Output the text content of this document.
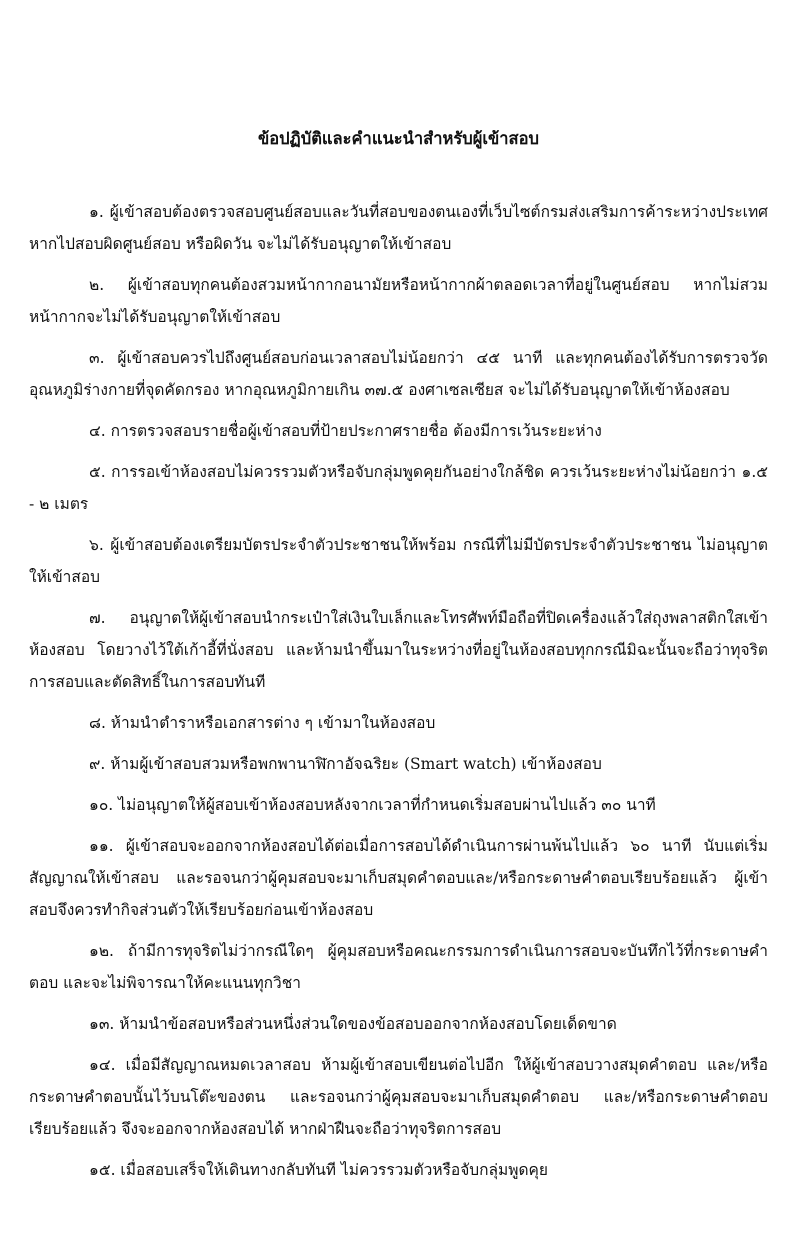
ข้อปฏิบัติและคำแนะนำสำหรับผู้เข้าสอบ
๑. ผู้เข้าสอบต้องตรวจสอบศูนย์สอบและวันที่สอบของตนเองที่เว็บไซต์กรมส่งเสริมการค้าระหว่างประเทศ หากไปสอบผิดศูนย์สอบ หรือผิดวัน จะไม่ได้รับอนุญาตให้เข้าสอบ
๒. ผู้เข้าสอบทุกคนต้องสวมหน้ากากอนามัยหรือหน้ากากผ้าตลอดเวลาที่อยู่ในศูนย์สอบ หากไม่สวมหน้ากากจะไม่ได้รับอนุญาตให้เข้าสอบ
๓. ผู้เข้าสอบควรไปถึงศูนย์สอบก่อนเวลาสอบไม่น้อยกว่า ๔๕ นาที และทุกคนต้องได้รับการตรวจวัดอุณหภูมิร่างกายที่จุดคัดกรอง หากอุณหภูมิกายเกิน ๓๗.๕ องศาเซลเซียส จะไม่ได้รับอนุญาตให้เข้าห้องสอบ
๔. การตรวจสอบรายชื่อผู้เข้าสอบที่ป้ายประกาศรายชื่อ ต้องมีการเว้นระยะห่าง
๕. การรอเข้าห้องสอบไม่ควรรวมตัวหรือจับกลุ่มพูดคุยกันอย่างใกล้ชิด ควรเว้นระยะห่างไม่น้อยกว่า ๑.๕ - ๒ เมตร
๖. ผู้เข้าสอบต้องเตรียมบัตรประจำตัวประชาชนให้พร้อม กรณีที่ไม่มีบัตรประจำตัวประชาชน ไม่อนุญาตให้เข้าสอบ
๗. อนุญาตให้ผู้เข้าสอบนำกระเป๋าใส่เงินใบเล็กและโทรศัพท์มือถือที่ปิดเครื่องแล้วใส่ถุงพลาสติกใสเข้าห้องสอบ โดยวางไว้ใต้เก้าอี้ที่นั่งสอบ และห้ามนำขึ้นมาในระหว่างที่อยู่ในห้องสอบทุกกรณีมิฉะนั้นจะถือว่าทุจริตการสอบและตัดสิทธิ์ในการสอบทันที
๘. ห้ามนำตำราหรือเอกสารต่าง ๆ เข้ามาในห้องสอบ
๙. ห้ามผู้เข้าสอบสวมหรือพกพานาฬิกาอัจฉริยะ (Smart watch) เข้าห้องสอบ
๑๐. ไม่อนุญาตให้ผู้สอบเข้าห้องสอบหลังจากเวลาที่กำหนดเริ่มสอบผ่านไปแล้ว ๓๐ นาที
๑๑. ผู้เข้าสอบจะออกจากห้องสอบได้ต่อเมื่อการสอบได้ดำเนินการผ่านพ้นไปแล้ว ๖๐ นาที นับแต่เริ่มสัญญาณให้เข้าสอบ และรอจนกว่าผู้คุมสอบจะมาเก็บสมุดคำตอบและ/หรือกระดาษคำตอบเรียบร้อยแล้ว ผู้เข้าสอบจึงควรทำกิจส่วนตัวให้เรียบร้อยก่อนเข้าห้องสอบ
๑๒. ถ้ามีการทุจริตไม่ว่ากรณีใดๆ ผู้คุมสอบหรือคณะกรรมการดำเนินการสอบจะบันทึกไว้ที่กระดาษคำตอบ และจะไม่พิจารณาให้คะแนนทุกวิชา
๑๓. ห้ามนำข้อสอบหรือส่วนหนึ่งส่วนใดของข้อสอบออกจากห้องสอบโดยเด็ดขาด
๑๔. เมื่อมีสัญญาณหมดเวลาสอบ ห้ามผู้เข้าสอบเขียนต่อไปอีก ให้ผู้เข้าสอบวางสมุดคำตอบ และ/หรือกระดาษคำตอบนั้นไว้บนโต๊ะของตน และรอจนกว่าผู้คุมสอบจะมาเก็บสมุดคำตอบ และ/หรือกระดาษคำตอบเรียบร้อยแล้ว จึงจะออกจากห้องสอบได้ หากฝ่าฝืนจะถือว่าทุจริตการสอบ
๑๕. เมื่อสอบเสร็จให้เดินทางกลับทันที ไม่ควรรวมตัวหรือจับกลุ่มพูดคุย
